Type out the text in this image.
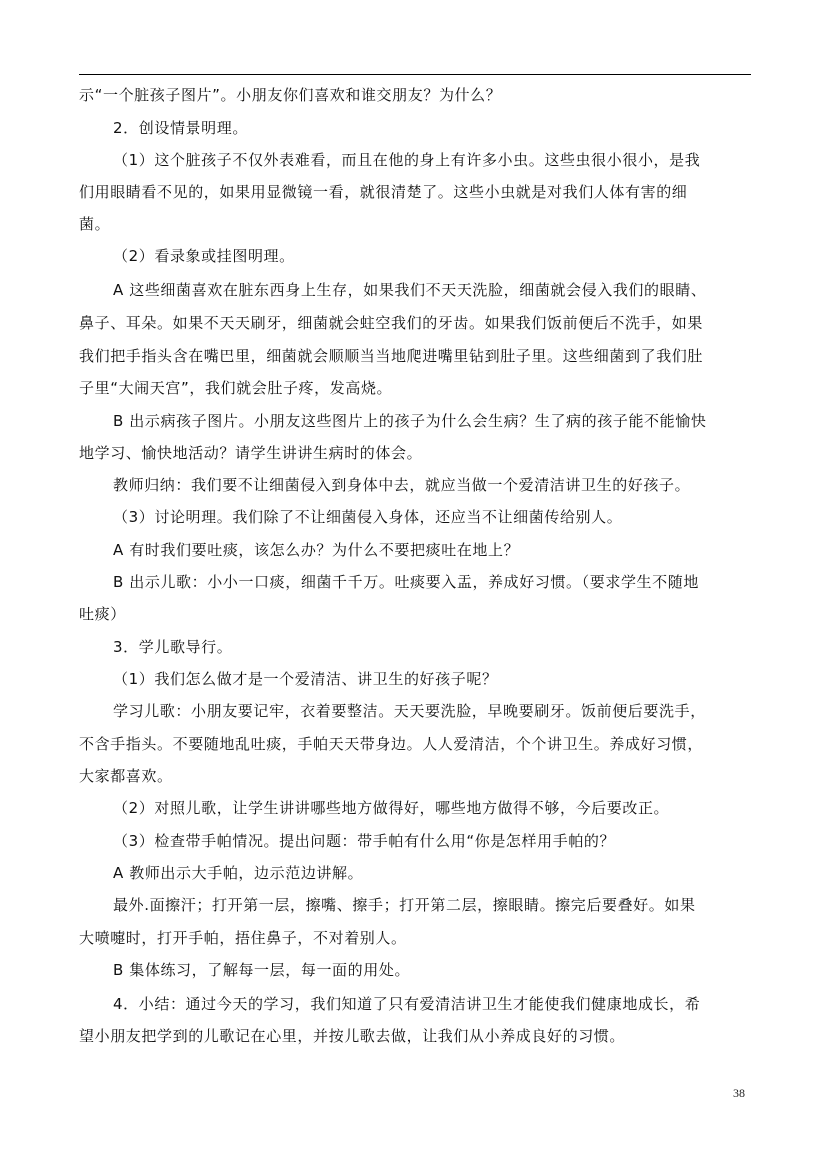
示“一个脏孩子图片”。小朋友你们喜欢和谁交朋友？为什么？
2．创设情景明理。
（1）这个脏孩子不仅外表难看，而且在他的身上有许多小虫。这些虫很小很小，是我
们用眼睛看不见的，如果用显微镜一看，就很清楚了。这些小虫就是对我们人体有害的细
菌。
（2）看录象或挂图明理。
A 这些细菌喜欢在脏东西身上生存，如果我们不天天洗脸，细菌就会侵入我们的眼睛、
鼻子、耳朵。如果不天天刷牙，细菌就会蛀空我们的牙齿。如果我们饭前便后不洗手，如果
我们把手指头含在嘴巴里，细菌就会顺顺当当地爬进嘴里钻到肚子里。这些细菌到了我们肚
子里“大闹天宫”，我们就会肚子疼，发高烧。
B 出示病孩子图片。小朋友这些图片上的孩子为什么会生病？生了病的孩子能不能愉快
地学习、愉快地活动？请学生讲讲生病时的体会。
教师归纳：我们要不让细菌侵入到身体中去，就应当做一个爱清洁讲卫生的好孩子。
（3）讨论明理。我们除了不让细菌侵入身体，还应当不让细菌传给别人。
A 有时我们要吐痰，该怎么办？为什么不要把痰吐在地上？
B 出示儿歌：小小一口痰，细菌千千万。吐痰要入盂，养成好习惯。（要求学生不随地
吐痰）
3．学儿歌导行。
（1）我们怎么做才是一个爱清洁、讲卫生的好孩子呢？
学习儿歌：小朋友要记牢，衣着要整洁。天天要洗脸，早晚要刷牙。饭前便后要洗手，
不含手指头。不要随地乱吐痰，手帕天天带身边。人人爱清洁，个个讲卫生。养成好习惯，
大家都喜欢。
（2）对照儿歌，让学生讲讲哪些地方做得好，哪些地方做得不够，今后要改正。
（3）检查带手帕情况。提出问题：带手帕有什么用“你是怎样用手帕的？
A 教师出示大手帕，边示范边讲解。
最外.面擦汗；打开第一层，擦嘴、擦手；打开第二层，擦眼睛。擦完后要叠好。如果
大喷嚏时，打开手帕，捂住鼻子，不对着别人。
B 集体练习，了解每一层，每一面的用处。
4．小结：通过今天的学习，我们知道了只有爱清洁讲卫生才能使我们健康地成长，希
望小朋友把学到的儿歌记在心里，并按儿歌去做，让我们从小养成良好的习惯。
38
